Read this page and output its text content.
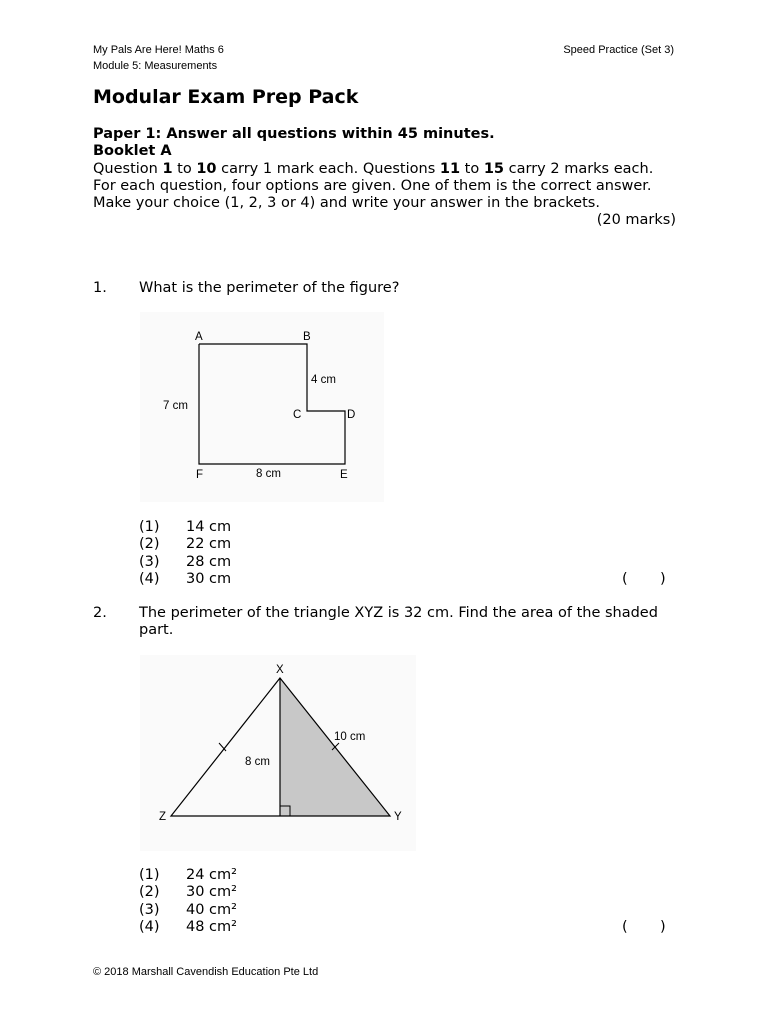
My Pals Are Here! Maths 6
Module 5: Measurements
Speed Practice (Set 3)
Modular Exam Prep Pack
Paper 1: Answer all questions within 45 minutes.
Booklet A
Question 1 to 10 carry 1 mark each. Questions 11 to 15 carry 2 marks each.
For each question, four options are given. One of them is the correct answer.
Make your choice (1, 2, 3 or 4) and write your answer in the brackets.
(20 marks)
1. What is the perimeter of the figure?
A	B
C	D
E
F
4 cm
7 cm
8 cm
(1)	14 cm
(2)	22 cm
(3)	28 cm
(4)	30 cm	( )
2. The perimeter of the triangle XYZ is 32 cm. Find the area of the shaded part.
X
Y
Z
10 cm
8 cm
(1)	24 cm²
(2)	30 cm²
(3)	40 cm²
(4)	48 cm²	( )
© 2018 Marshall Cavendish Education Pte Ltd
